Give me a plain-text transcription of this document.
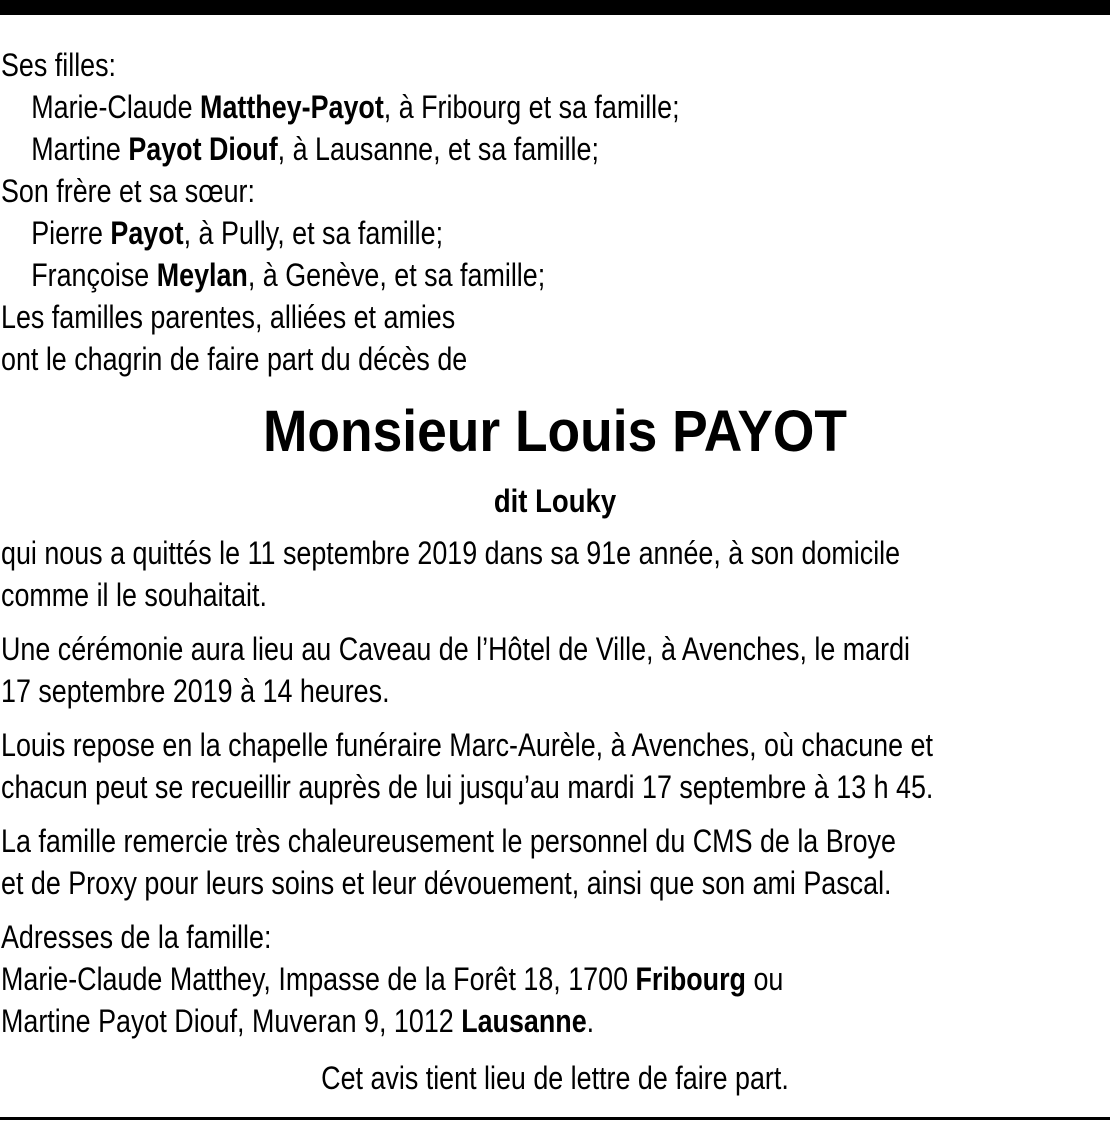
Ses filles:
Marie-Claude Matthey-Payot, à Fribourg et sa famille;
Martine Payot Diouf, à Lausanne, et sa famille;
Son frère et sa sœur:
Pierre Payot, à Pully, et sa famille;
Françoise Meylan, à Genève, et sa famille;
Les familles parentes, alliées et amies
ont le chagrin de faire part du décès de
Monsieur Louis PAYOT
dit Louky
qui nous a quittés le 11 septembre 2019 dans sa 91e année, à son domicile
comme il le souhaitait.
Une cérémonie aura lieu au Caveau de l’Hôtel de Ville, à Avenches, le mardi
17 septembre 2019 à 14 heures.
Louis repose en la chapelle funéraire Marc-Aurèle, à Avenches, où chacune et
chacun peut se recueillir auprès de lui jusqu’au mardi 17 septembre à 13 h 45.
La famille remercie très chaleureusement le personnel du CMS de la Broye
et de Proxy pour leurs soins et leur dévouement, ainsi que son ami Pascal.
Adresses de la famille:
Marie-Claude Matthey, Impasse de la Forêt 18, 1700 Fribourg ou
Martine Payot Diouf, Muveran 9, 1012 Lausanne.
Cet avis tient lieu de lettre de faire part.
